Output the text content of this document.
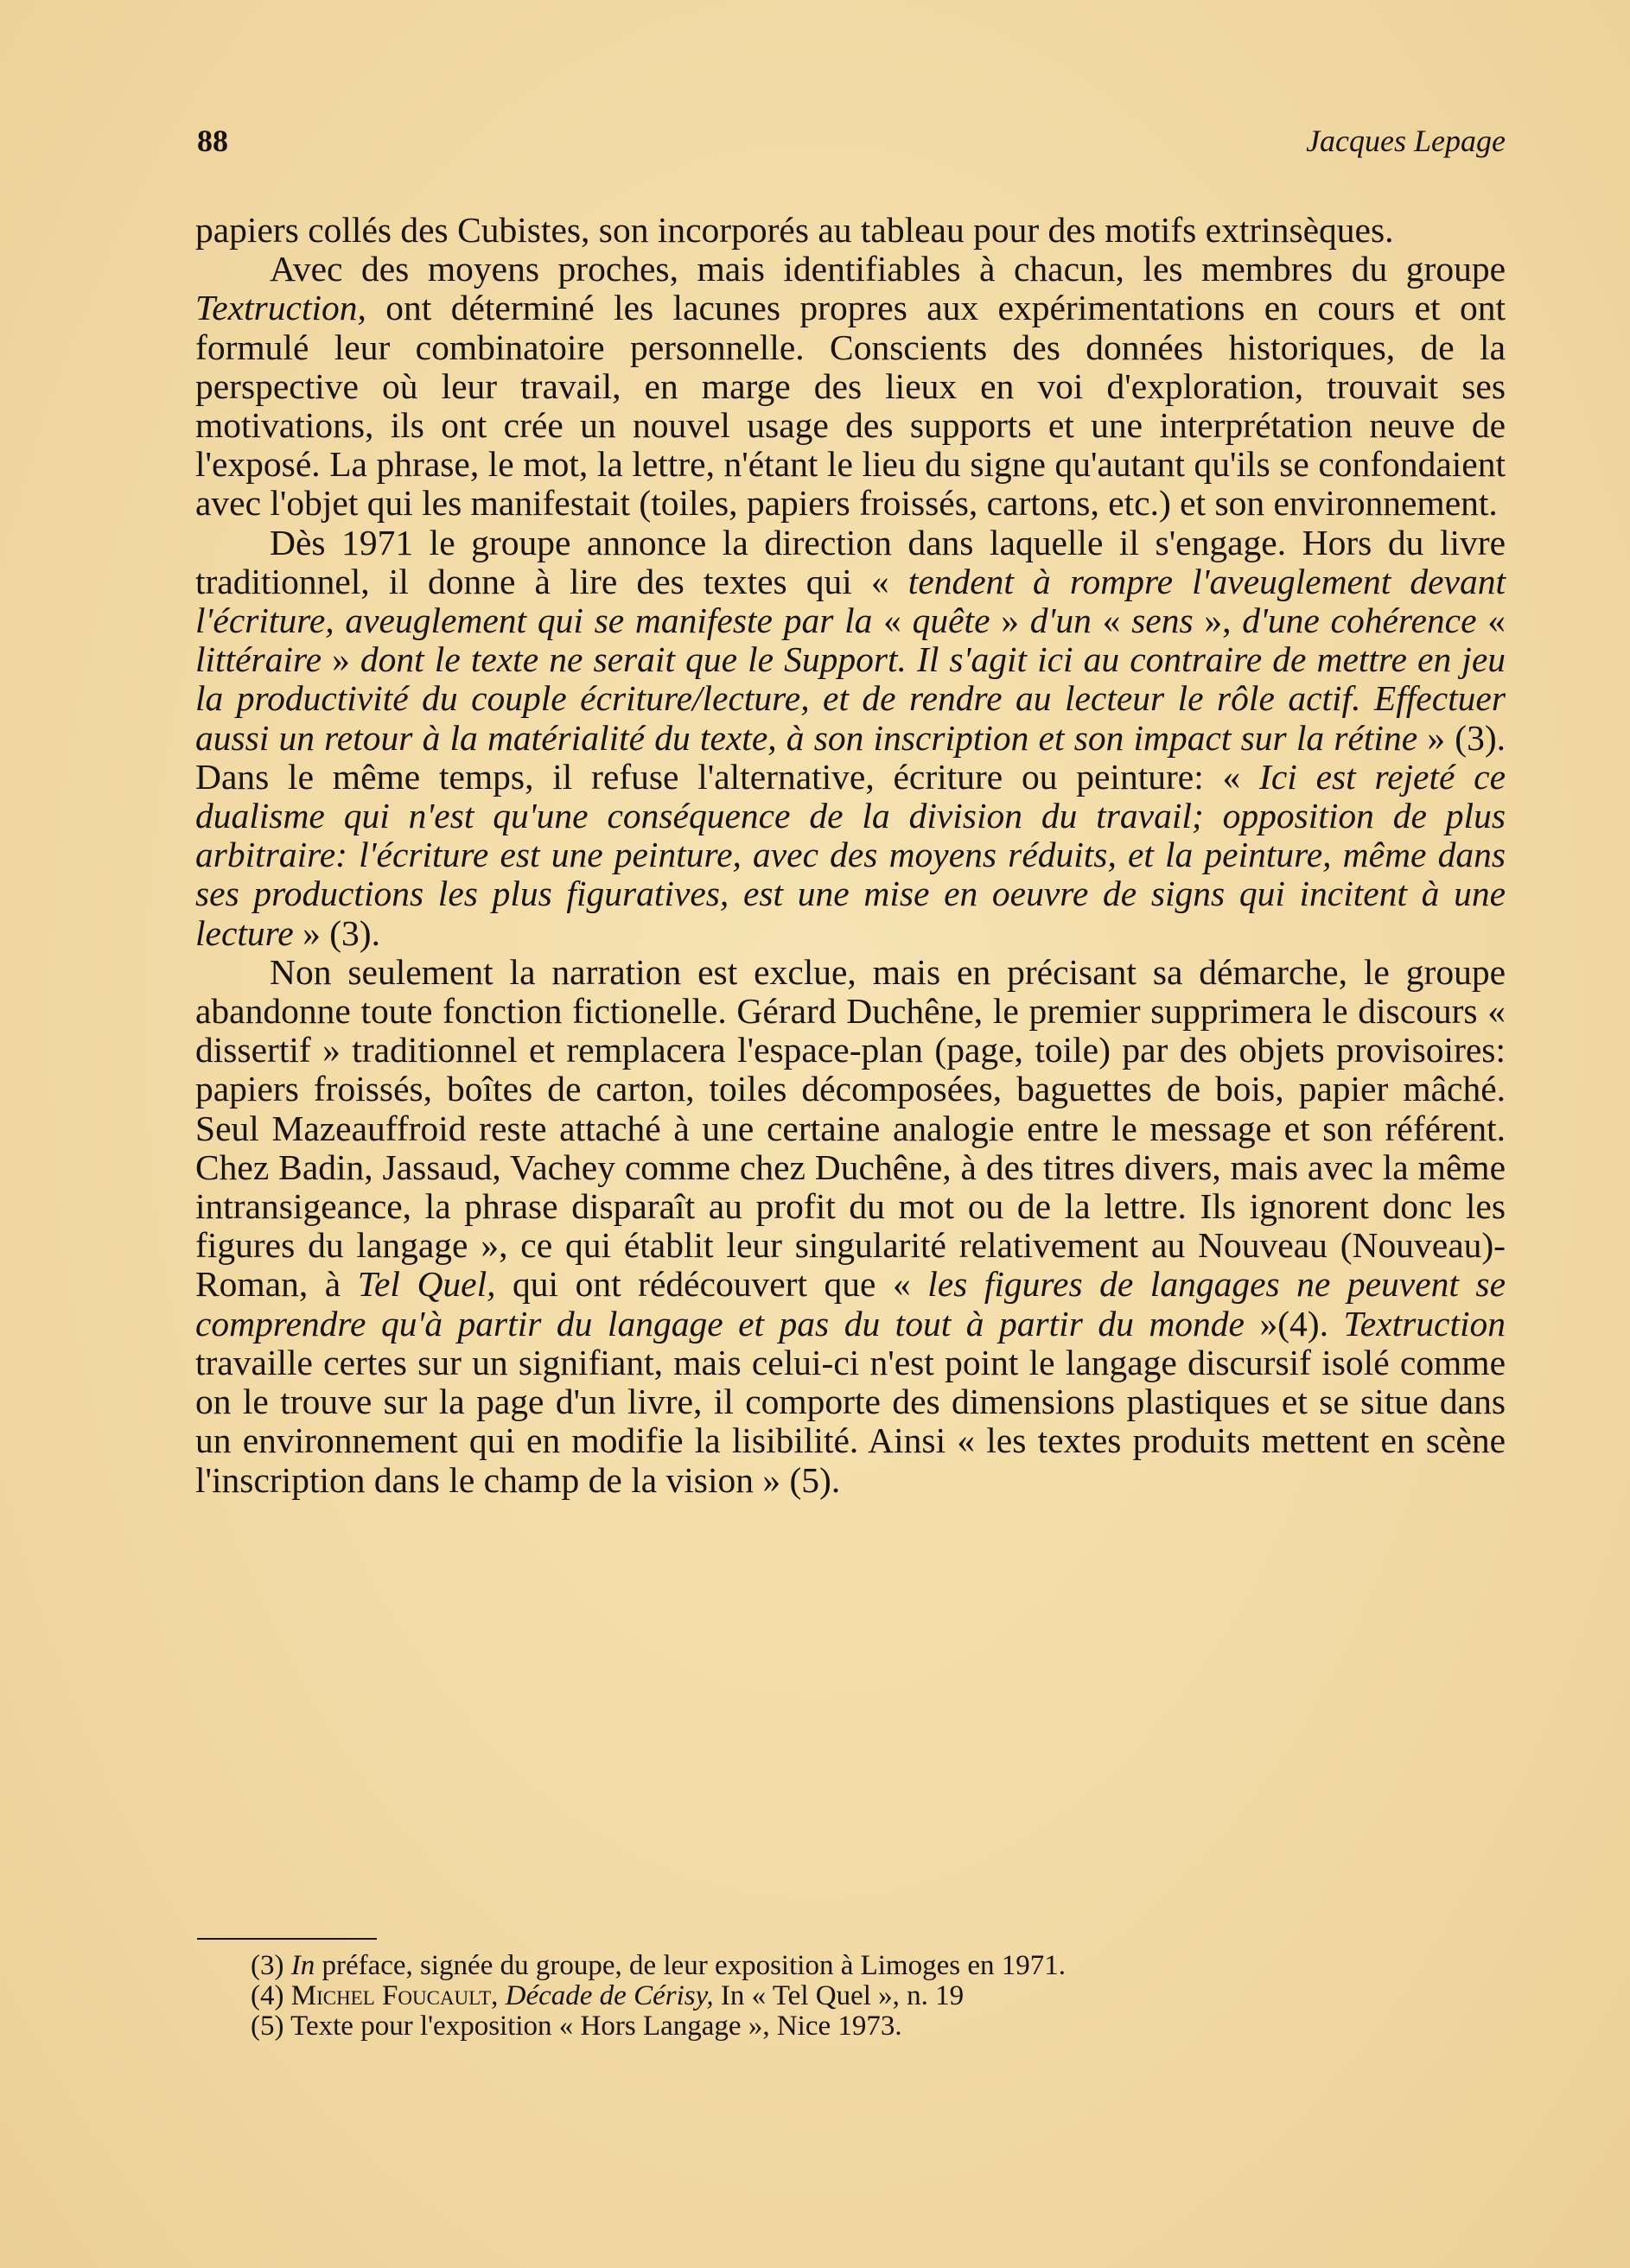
88	Jacques Lepage

papiers collés des Cubistes, son incorporés au tableau pour des motifs extrinsèques.

Avec des moyens proches, mais identifiables à chacun, les membres du groupe Textruction, ont déterminé les lacunes propres aux expérimentations en cours et ont formulé leur combinatoire personnelle. Conscients des données historiques, de la perspective où leur travail, en marge des lieux en voi d'exploration, trouvait ses motivations, ils ont crée un nouvel usage des supports et une interprétation neuve de l'exposé. La phrase, le mot, la lettre, n'étant le lieu du signe qu'autant qu'ils se confondaient avec l'objet qui les manifestait (toiles, papiers froissés, cartons, etc.) et son environnement.

Dès 1971 le groupe annonce la direction dans laquelle il s'engage. Hors du livre traditionnel, il donne à lire des textes qui « tendent à rompre l'aveuglement devant l'écriture, aveuglement qui se manifeste par la « quête » d'un « sens », d'une cohérence « littéraire » dont le texte ne serait que le Support. Il s'agit ici au contraire de mettre en jeu la productivité du couple écriture/lecture, et de rendre au lecteur le rôle actif. Effectuer aussi un retour à la matérialité du texte, à son inscription et son impact sur la rétine » (3). Dans le même temps, il refuse l'alternative, écriture ou peinture: « Ici est rejeté ce dualisme qui n'est qu'une conséquence de la division du travail; opposition de plus arbitraire: l'écriture est une peinture, avec des moyens réduits, et la peinture, même dans ses productions les plus figuratives, est une mise en oeuvre de signs qui incitent à une lecture » (3).

Non seulement la narration est exclue, mais en précisant sa démarche, le groupe abandonne toute fonction fictionelle. Gérard Duchêne, le premier supprimera le discours « dissertif » traditionnel et remplacera l'espace-plan (page, toile) par des objets provisoires: papiers froissés, boîtes de carton, toiles décomposées, baguettes de bois, papier mâché. Seul Mazeauffroid reste attaché à une certaine analogie entre le message et son référent. Chez Badin, Jassaud, Vachey comme chez Duchêne, à des titres divers, mais avec la même intransigeance, la phrase disparaît au profit du mot ou de la lettre. Ils ignorent donc les figures du langage », ce qui établit leur singularité relativement au Nouveau (Nouveau)-Roman, à Tel Quel, qui ont rédécouvert que « les figures de langages ne peuvent se comprendre qu'à partir du langage et pas du tout à partir du monde »(4). Textruction travaille certes sur un signifiant, mais celui-ci n'est point le langage discursif isolé comme on le trouve sur la page d'un livre, il comporte des dimensions plastiques et se situe dans un environnement qui en modifie la lisibilité. Ainsi « les textes produits mettent en scène l'inscription dans le champ de la vision » (5).

(3) In préface, signée du groupe, de leur exposition à Limoges en 1971.

(4) Michel Foucault, Décade de Cérisy, In « Tel Quel », n. 19

(5) Texte pour l'exposition « Hors Langage », Nice 1973.
